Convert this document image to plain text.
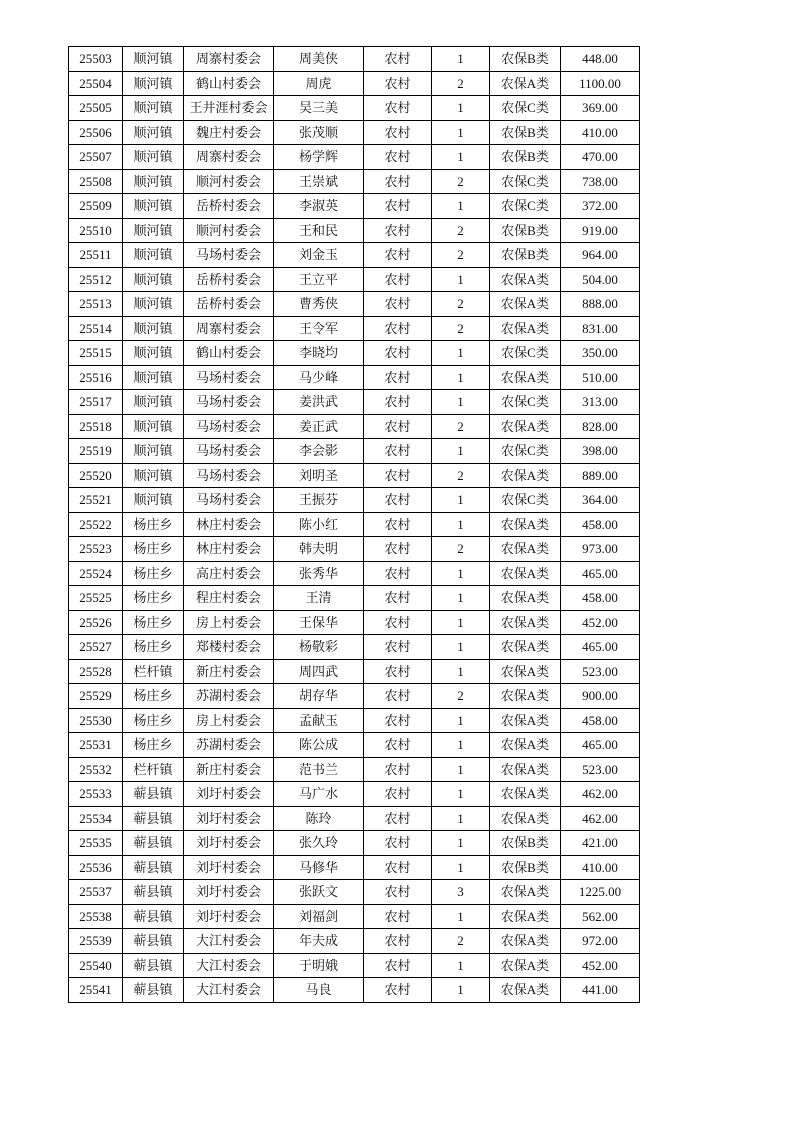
25503	顺河镇	周寨村委会	周美侠	农村	1	农保B类	448.00
25504	顺河镇	鹤山村委会	周虎	农村	2	农保A类	1100.00
25505	顺河镇	王井涯村委会	吴三美	农村	1	农保C类	369.00
25506	顺河镇	魏庄村委会	张茂顺	农村	1	农保B类	410.00
25507	顺河镇	周寨村委会	杨学辉	农村	1	农保B类	470.00
25508	顺河镇	顺河村委会	王崇斌	农村	2	农保C类	738.00
25509	顺河镇	岳桥村委会	李淑英	农村	1	农保C类	372.00
25510	顺河镇	顺河村委会	王和民	农村	2	农保B类	919.00
25511	顺河镇	马场村委会	刘金玉	农村	2	农保B类	964.00
25512	顺河镇	岳桥村委会	王立平	农村	1	农保A类	504.00
25513	顺河镇	岳桥村委会	曹秀侠	农村	2	农保A类	888.00
25514	顺河镇	周寨村委会	王令军	农村	2	农保A类	831.00
25515	顺河镇	鹤山村委会	李晓均	农村	1	农保C类	350.00
25516	顺河镇	马场村委会	马少峰	农村	1	农保A类	510.00
25517	顺河镇	马场村委会	姜洪武	农村	1	农保C类	313.00
25518	顺河镇	马场村委会	姜正武	农村	2	农保A类	828.00
25519	顺河镇	马场村委会	李会影	农村	1	农保C类	398.00
25520	顺河镇	马场村委会	刘明圣	农村	2	农保A类	889.00
25521	顺河镇	马场村委会	王振芬	农村	1	农保C类	364.00
25522	杨庄乡	林庄村委会	陈小红	农村	1	农保A类	458.00
25523	杨庄乡	林庄村委会	韩夫明	农村	2	农保A类	973.00
25524	杨庄乡	高庄村委会	张秀华	农村	1	农保A类	465.00
25525	杨庄乡	程庄村委会	王清	农村	1	农保A类	458.00
25526	杨庄乡	房上村委会	王保华	农村	1	农保A类	452.00
25527	杨庄乡	郑楼村委会	杨敬彩	农村	1	农保A类	465.00
25528	栏杆镇	新庄村委会	周四武	农村	1	农保A类	523.00
25529	杨庄乡	苏湖村委会	胡存华	农村	2	农保A类	900.00
25530	杨庄乡	房上村委会	孟献玉	农村	1	农保A类	458.00
25531	杨庄乡	苏湖村委会	陈公成	农村	1	农保A类	465.00
25532	栏杆镇	新庄村委会	范书兰	农村	1	农保A类	523.00
25533	蕲县镇	刘圩村委会	马广水	农村	1	农保A类	462.00
25534	蕲县镇	刘圩村委会	陈玲	农村	1	农保A类	462.00
25535	蕲县镇	刘圩村委会	张久玲	农村	1	农保B类	421.00
25536	蕲县镇	刘圩村委会	马修华	农村	1	农保B类	410.00
25537	蕲县镇	刘圩村委会	张跃文	农村	3	农保A类	1225.00
25538	蕲县镇	刘圩村委会	刘福剑	农村	1	农保A类	562.00
25539	蕲县镇	大江村委会	年夫成	农村	2	农保A类	972.00
25540	蕲县镇	大江村委会	于明娥	农村	1	农保A类	452.00
25541	蕲县镇	大江村委会	马良	农村	1	农保A类	441.00
